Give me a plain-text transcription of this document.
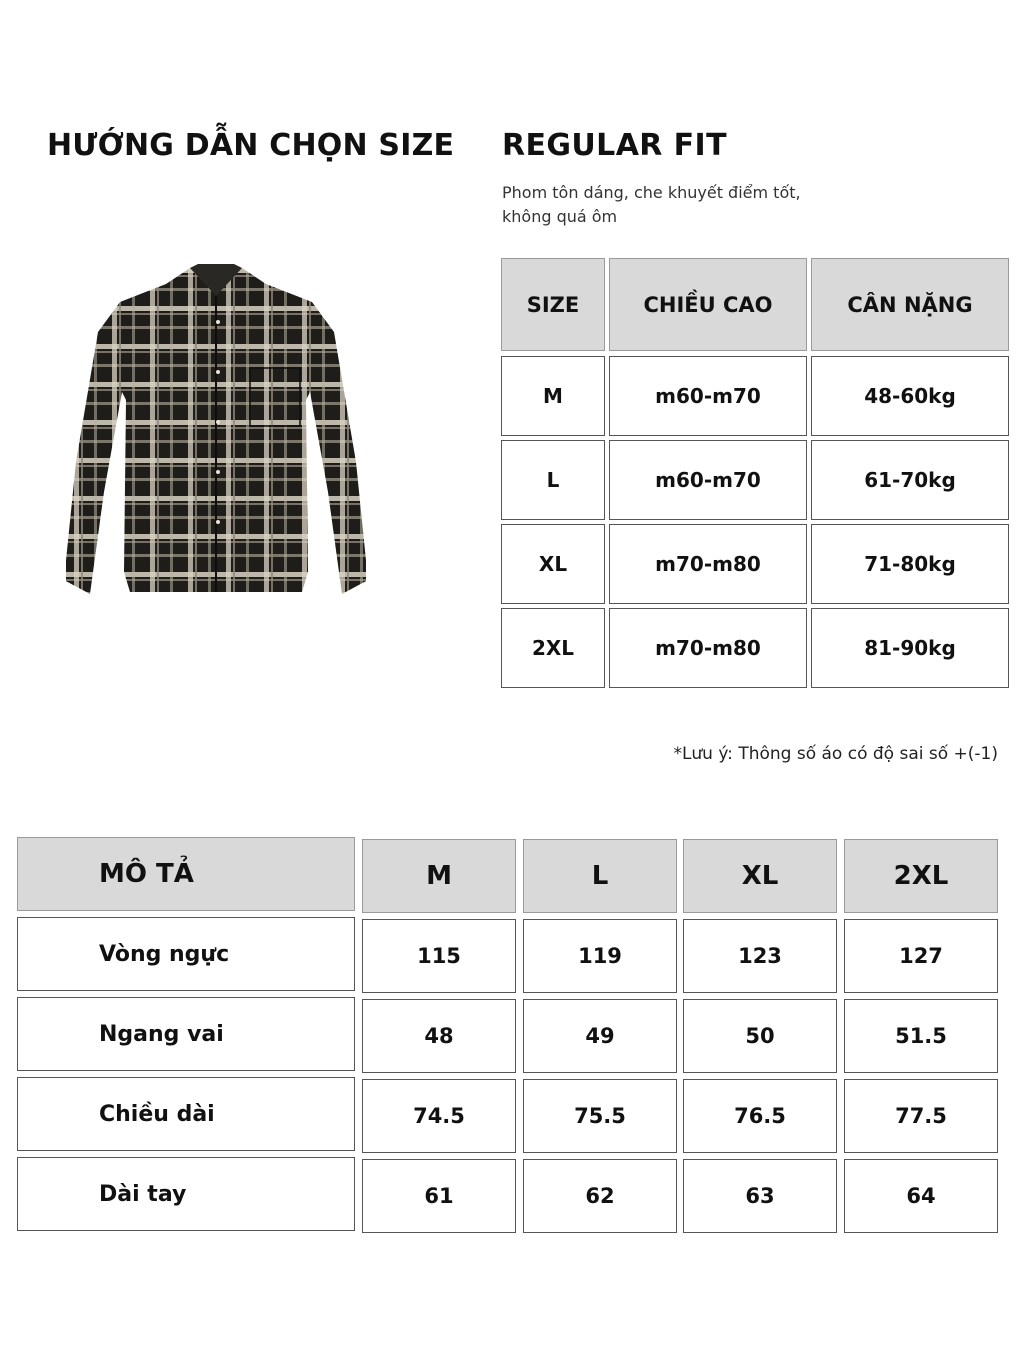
HƯỚNG DẪN CHỌN SIZE REGULAR FIT
Phom tôn dáng, che khuyết điểm tốt,
không quá ôm
SIZE	CHIỀU CAO	CÂN NẶNG
M	m60-m70	48-60kg
L	m60-m70	61-70kg
XL	m70-m80	71-80kg
2XL	m70-m80	81-90kg
*Lưu ý: Thông số áo có độ sai số +(-1)
MÔ TẢ	M	L	XL	2XL
Vòng ngực	115	119	123	127
Ngang vai	48	49	50	51.5
Chiều dài	74.5	75.5	76.5	77.5
Dài tay	61	62	63	64
